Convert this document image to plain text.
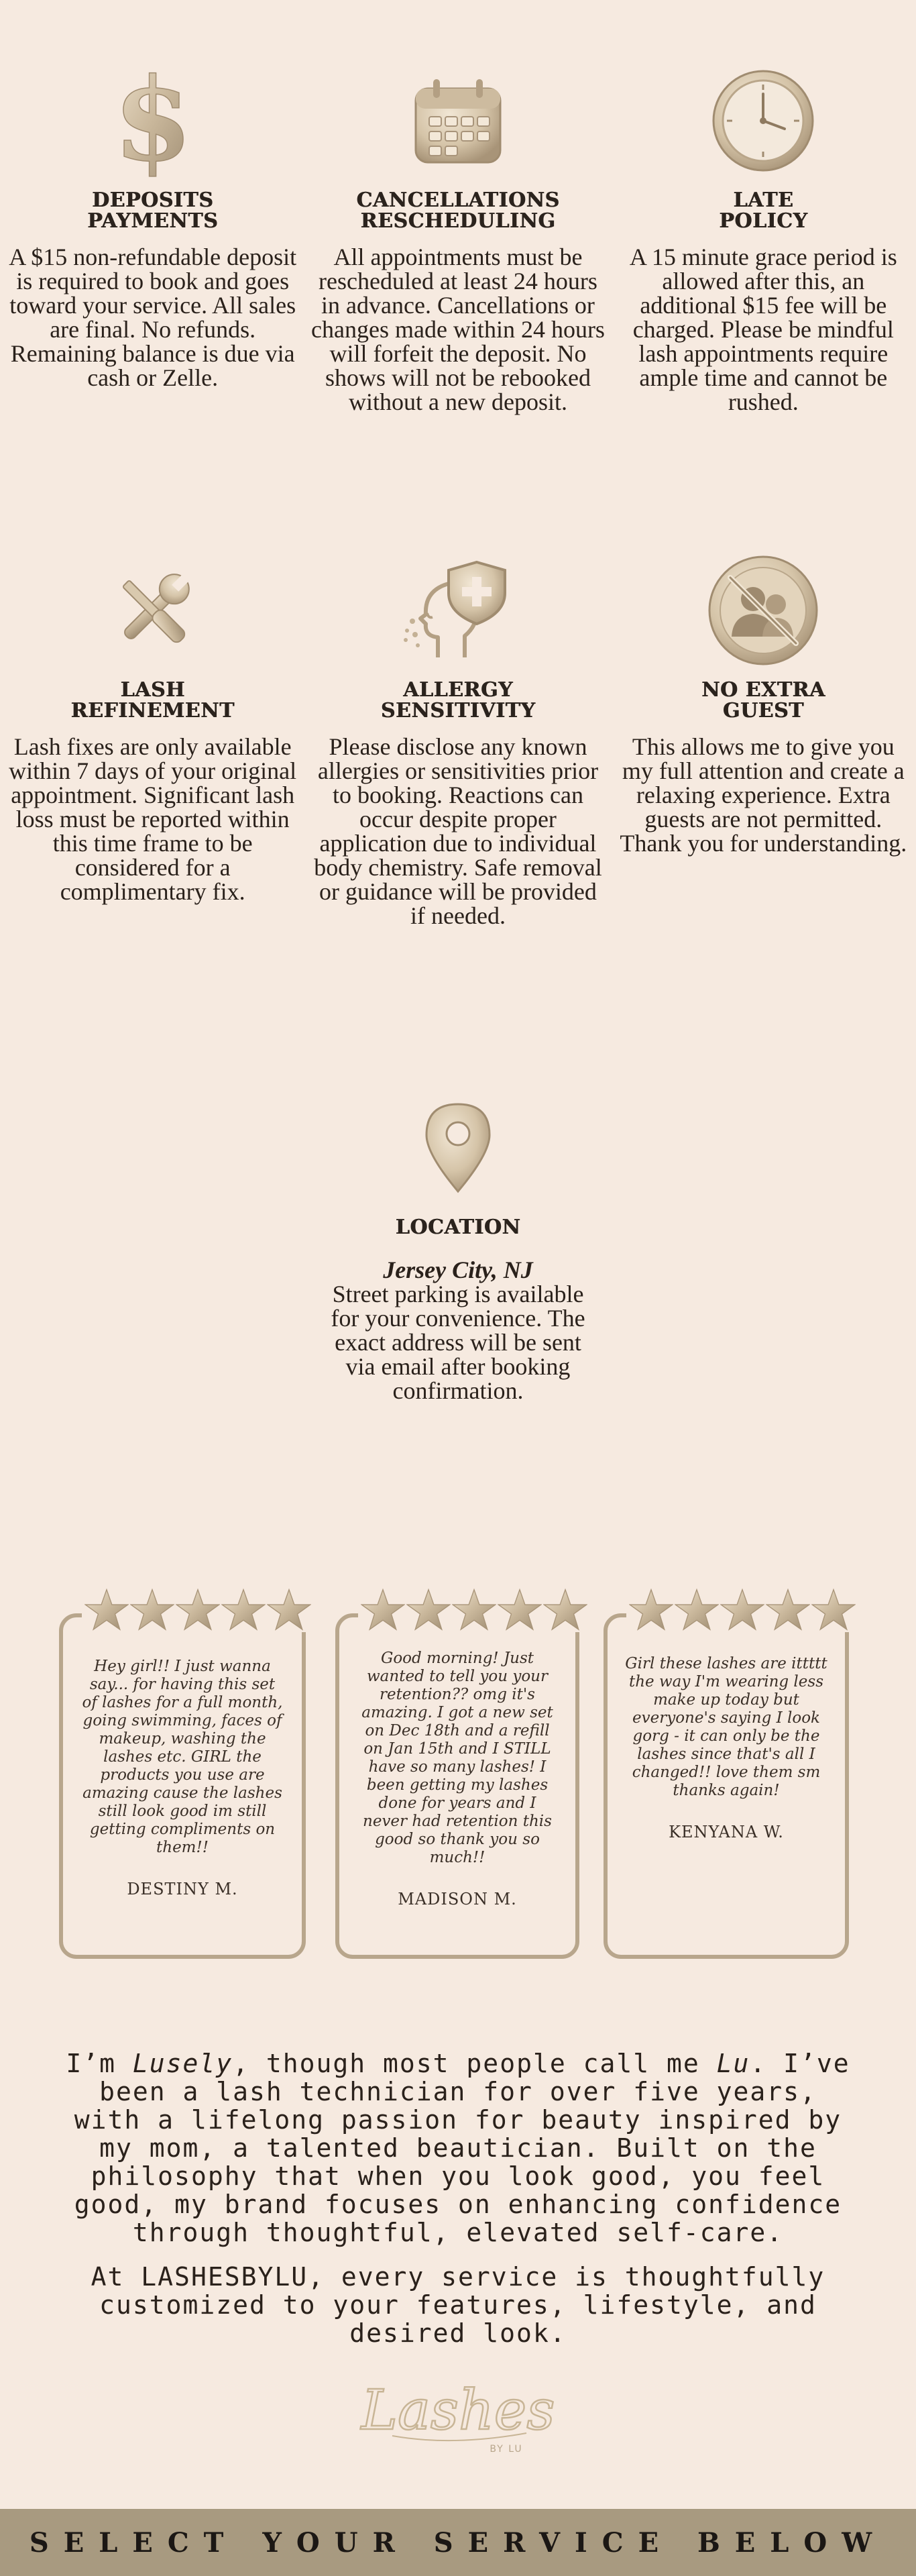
$
DEPOSITS
PAYMENTS
A $15 non-refundable deposit is required to book and goes toward your service. All sales are final. No refunds. Remaining balance is due via cash or Zelle.
CANCELLATIONS
RESCHEDULING
All appointments must be rescheduled at least 24 hours in advance. Cancellations or changes made within 24 hours will forfeit the deposit. No shows will not be rebooked without a new deposit.
LATE
POLICY
A 15 minute grace period is allowed after this, an additional $15 fee will be charged. Please be mindful lash appointments require ample time and cannot be rushed.
LASH
REFINEMENT
Lash fixes are only available within 7 days of your original appointment. Significant lash loss must be reported within this time frame to be considered for a complimentary fix.
ALLERGY
SENSITIVITY
Please disclose any known allergies or sensitivities prior to booking. Reactions can occur despite proper application due to individual body chemistry. Safe removal or guidance will be provided if needed.
NO EXTRA
GUEST
This allows me to give you my full attention and create a relaxing experience. Extra guests are not permitted. Thank you for understanding.
LOCATION
Jersey City, NJ
Street parking is available for your convenience. The exact address will be sent via email after booking confirmation.
Hey girl!! I just wanna say... for having this set of lashes for a full month, going swimming, faces of makeup, washing the lashes etc. GIRL the products you use are amazing cause the lashes still look good im still getting compliments on them!!
DESTINY M.
Good morning! Just wanted to tell you your retention?? omg it's amazing. I got a new set on Dec 18th and a refill on Jan 15th and I STILL have so many lashes! I been getting my lashes done for years and I never had retention this good so thank you so much!!
MADISON M.
Girl these lashes are ittttt the way I'm wearing less make up today but everyone's saying I look gorg - it can only be the lashes since that's all I changed!! love them sm thanks again!
KENYANA W.

I’m Lusely, though most people call me Lu. I’ve been a lash technician for over five years, with a lifelong passion for beauty inspired by my mom, a talented beautician. Built on the philosophy that when you look good, you feel good, my brand focuses on enhancing confidence through thoughtful, elevated self-care.

At LASHESBYLU, every service is thoughtfully customized to your features, lifestyle, and desired look.

Lashes
BY LU
SELECT YOUR SERVICE BELOW
